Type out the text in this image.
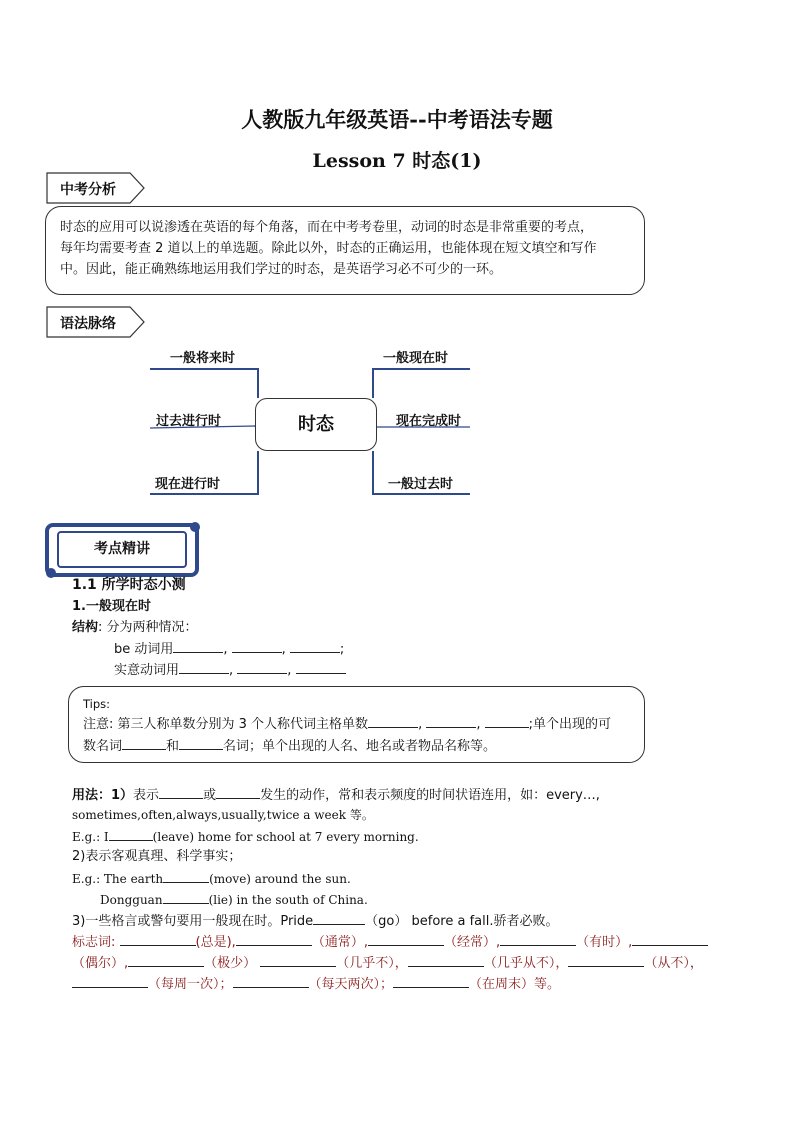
人教版九年级英语--中考语法专题
Lesson 7 时态(1)
中考分析
时态的应用可以说渗透在英语的每个角落，而在中考考卷里，动词的时态是非常重要的考点，
每年均需要考查 2 道以上的单选题。除此以外，时态的正确运用，也能体现在短文填空和写作
中。因此，能正确熟练地运用我们学过的时态，是英语学习必不可少的一环。
语法脉络
时态
一般将来时
过去进行时
现在进行时
一般现在时
现在完成时
一般过去时
考点精讲
1.1 所学时态小测
1.一般现在时
结构: 分为两种情况：
be 动词用	,	,	;
实意动词用	,	,
Tips:
注意: 第三人称单数分别为 3 个人称代词主格单数	,	,	;单个出现的可
数名词	和	名词；单个出现的人名、地名或者物品名称等。
用法：1）表示	或	发生的动作，常和表示频度的时间状语连用，如：every…,
sometimes,often,always,usually,twice a week 等。
E.g.: I	(leave) home for school at 7 every morning.
2)表示客观真理、科学事实；
E.g.: The earth	(move) around the sun.
Dongguan	(lie) in the south of China.
3)一些格言或警句要用一般现在时。Pride	（go） before a fall.骄者必败。
标志词:	(总是),	（通常）,	（经常）,	（有时）,
（偶尔）,	（极少）	（几乎不），	（几乎从不），	（从不），
（每周一次）；	（每天两次）；	（在周末）等。
